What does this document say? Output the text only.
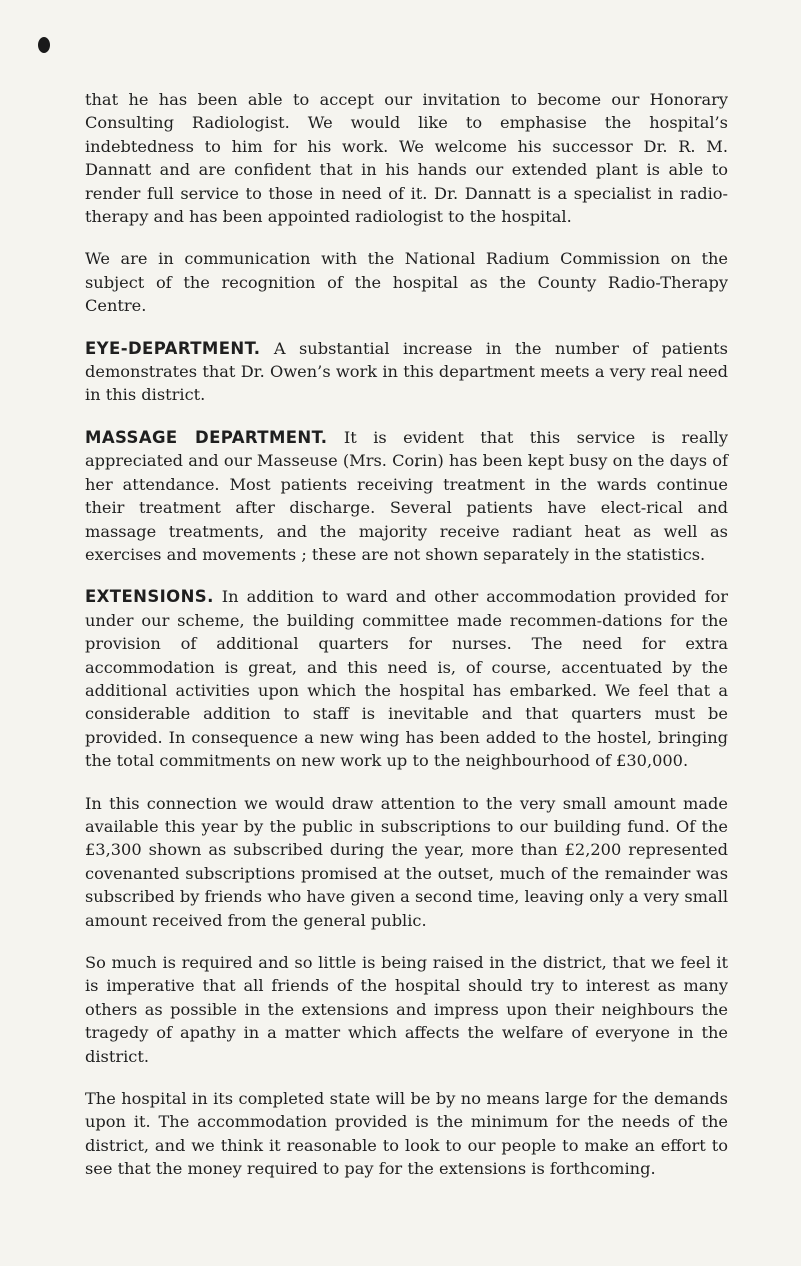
that he has been able to accept our invitation to become our Honorary Consulting Radiologist. We would like to emphasise the hospital’s indebtedness to him for his work. We welcome his successor Dr. R. M. Dannatt and are confident that in his hands our extended plant is able to render full service to those in need of it. Dr. Dannatt is a specialist in radio-therapy and has been appointed radiologist to the hospital.

We are in communication with the National Radium Commission on the subject of the recognition of the hospital as the County Radio-Therapy Centre.

EYE-DEPARTMENT. A substantial increase in the number of patients demonstrates that Dr. Owen’s work in this department meets a very real need in this district.

MASSAGE DEPARTMENT. It is evident that this service is really appreciated and our Masseuse (Mrs. Corin) has been kept busy on the days of her attendance. Most patients receiving treatment in the wards continue their treatment after discharge. Several patients have elect-rical and massage treatments, and the majority receive radiant heat as well as exercises and movements ; these are not shown separately in the statistics.

EXTENSIONS. In addition to ward and other accommodation provided for under our scheme, the building committee made recommen-dations for the provision of additional quarters for nurses. The need for extra accommodation is great, and this need is, of course, accentuated by the additional activities upon which the hospital has embarked. We feel that a considerable addition to staff is inevitable and that quarters must be provided. In consequence a new wing has been added to the hostel, bringing the total commitments on new work up to the neighbourhood of £30,000.

In this connection we would draw attention to the very small amount made available this year by the public in subscriptions to our building fund. Of the £3,300 shown as subscribed during the year, more than £2,200 represented covenanted subscriptions promised at the outset, much of the remainder was subscribed by friends who have given a second time, leaving only a very small amount received from the general public.

So much is required and so little is being raised in the district, that we feel it is imperative that all friends of the hospital should try to interest as many others as possible in the extensions and impress upon their neighbours the tragedy of apathy in a matter which affects the welfare of everyone in the district.

The hospital in its completed state will be by no means large for the demands upon it. The accommodation provided is the minimum for the needs of the district, and we think it reasonable to look to our people to make an effort to see that the money required to pay for the extensions is forthcoming.
